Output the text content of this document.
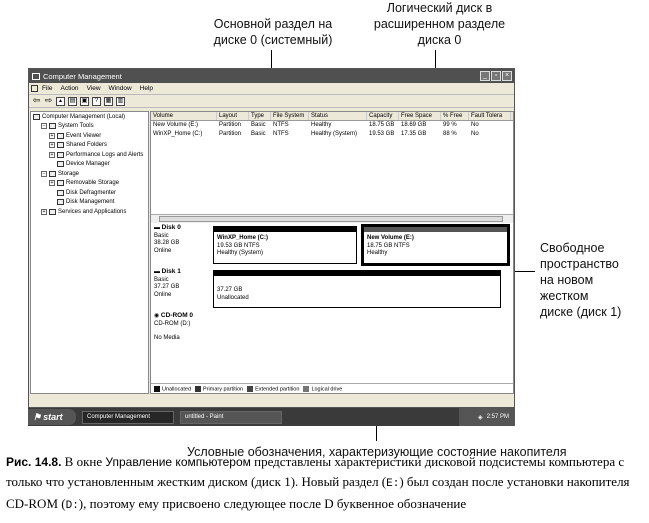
Основной раздел на
диске 0 (системный)
Логический диск в
расширенном разделе
диска 0
Свободное
пространство
на новом
жестком
диске (диск 1)
Условные обозначения, характеризующие состояние накопителя
Computer Management	_	▫	×
File Action View Window Help
⇦ ⇨	▴	▤ ▣	?	▦ ▥
Computer Management (Local)
− System Tools
+ Event Viewer
+ Shared Folders
+ Performance Logs and Alerts
Device Manager
− Storage
+ Removable Storage
Disk Defragmenter
Disk Management
+ Services and Applications
Volume	Layout	Type	File System	Status	Capacity	Free Space	% Free	Fault Tolera
New Volume (E:)	Partition	Basic	NTFS	Healthy	18.75 GB	18.69 GB	99 %	No
WinXP_Home (C:)	Partition	Basic	NTFS	Healthy (System)	19.53 GB	17.35 GB	88 %	No
▬ Disk 0
Basic
38.28 GB
Online
WinXP_Home (C:)
19.53 GB NTFS
Healthy (System)
New Volume (E:)
18.75 GB NTFS
Healthy
▬ Disk 1
Basic
37.27 GB
Online
37.27 GB
Unallocated
◉ CD-ROM 0
CD-ROM (D:)
No Media
Unallocated	Primary partition	Extended partition	Logical drive
⚑ start	Computer Management	untitled - Paint	◈ 2:57 PM
Рис. 14.8. В окне Управление компьютером представлены характеристики дисковой подсистемы компьютера с только что установленным жестким диском (диск 1). Новый раздел (E:) был создан после установки накопителя CD-ROM (D:), поэтому ему присвоено следующее после D буквенное обозначение
